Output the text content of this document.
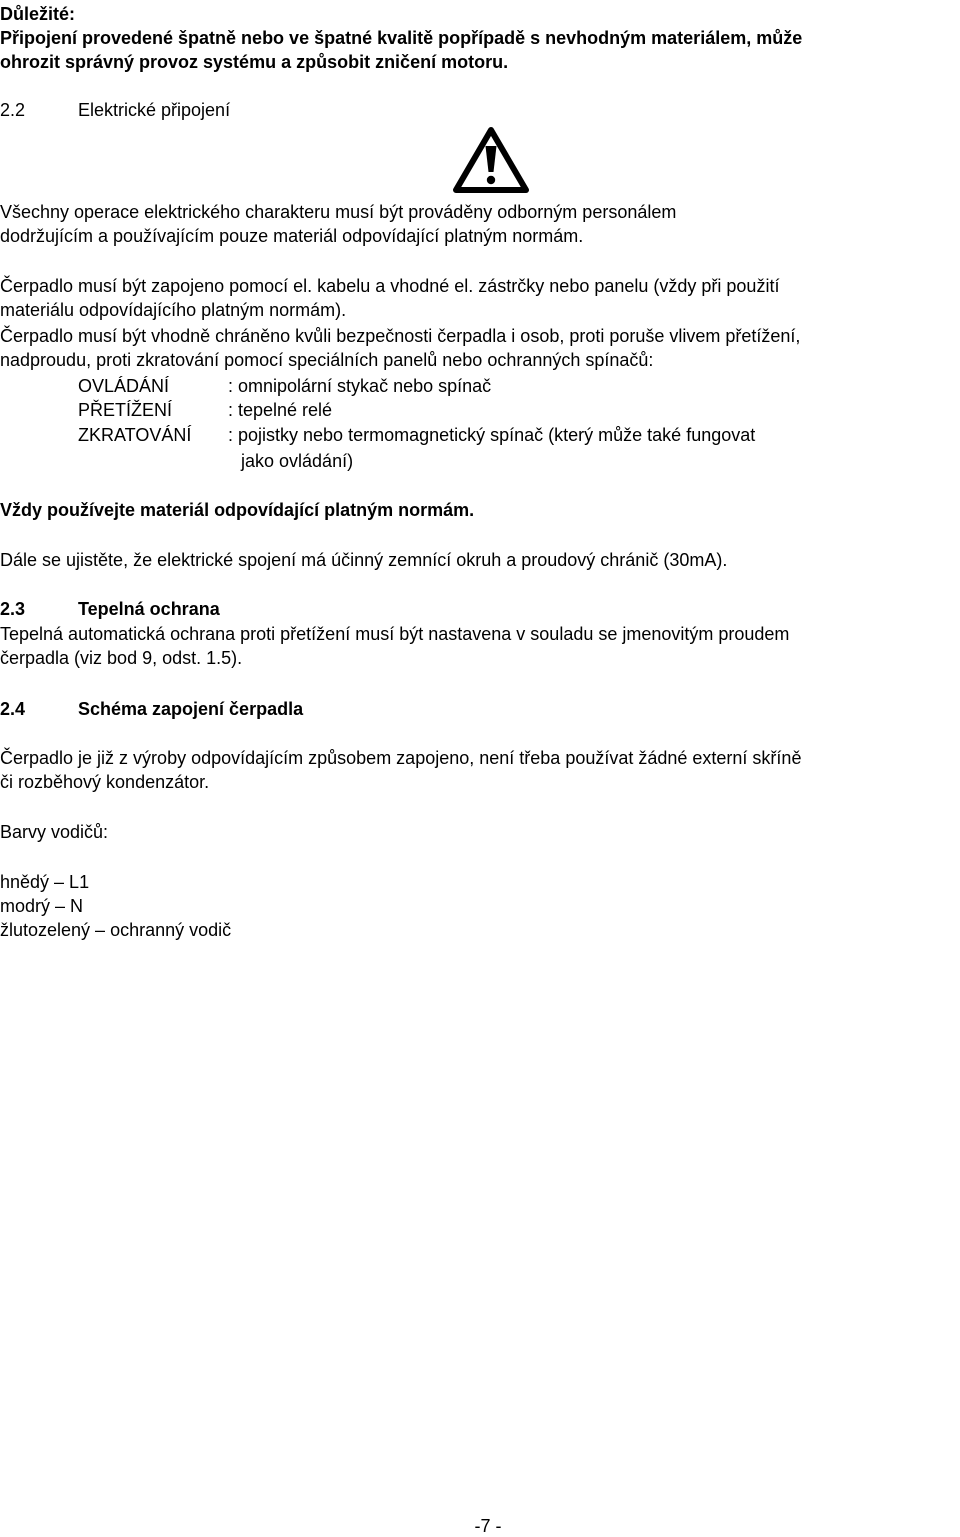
Důležité:
Připojení provedené špatně nebo ve špatné kvalitě popřípadě s nevhodným materiálem, může
ohrozit správný provoz systému a způsobit zničení motoru.
2.2	Elektrické připojení
Všechny operace elektrického charakteru musí být prováděny odborným personálem
dodržujícím a používajícím pouze materiál odpovídající platným normám.
Čerpadlo musí být zapojeno pomocí el. kabelu a vhodné el. zástrčky nebo panelu (vždy při použití
materiálu odpovídajícího platným normám).
Čerpadlo musí být vhodně chráněno kvůli bezpečnosti čerpadla i osob, proti poruše vlivem přetížení,
nadproudu, proti zkratování pomocí speciálních panelů nebo ochranných spínačů:
OVLÁDÁNÍ	: omnipolární stykač nebo spínač
PŘETÍŽENÍ	: tepelné relé
ZKRATOVÁNÍ : pojistky nebo termomagnetický spínač (který může také fungovat
jako ovládání)
Vždy používejte materiál odpovídající platným normám.
Dále se ujistěte, že elektrické spojení má účinný zemnící okruh a proudový chránič (30mA).
2.3	Tepelná ochrana
Tepelná automatická ochrana proti přetížení musí být nastavena v souladu se jmenovitým proudem
čerpadla (viz bod 9, odst. 1.5).
2.4	Schéma zapojení čerpadla
Čerpadlo je již z výroby odpovídajícím způsobem zapojeno, není třeba používat žádné externí skříně
či rozběhový kondenzátor.
Barvy vodičů:
hnědý – L1
modrý – N
žlutozelený – ochranný vodič
-7 -
